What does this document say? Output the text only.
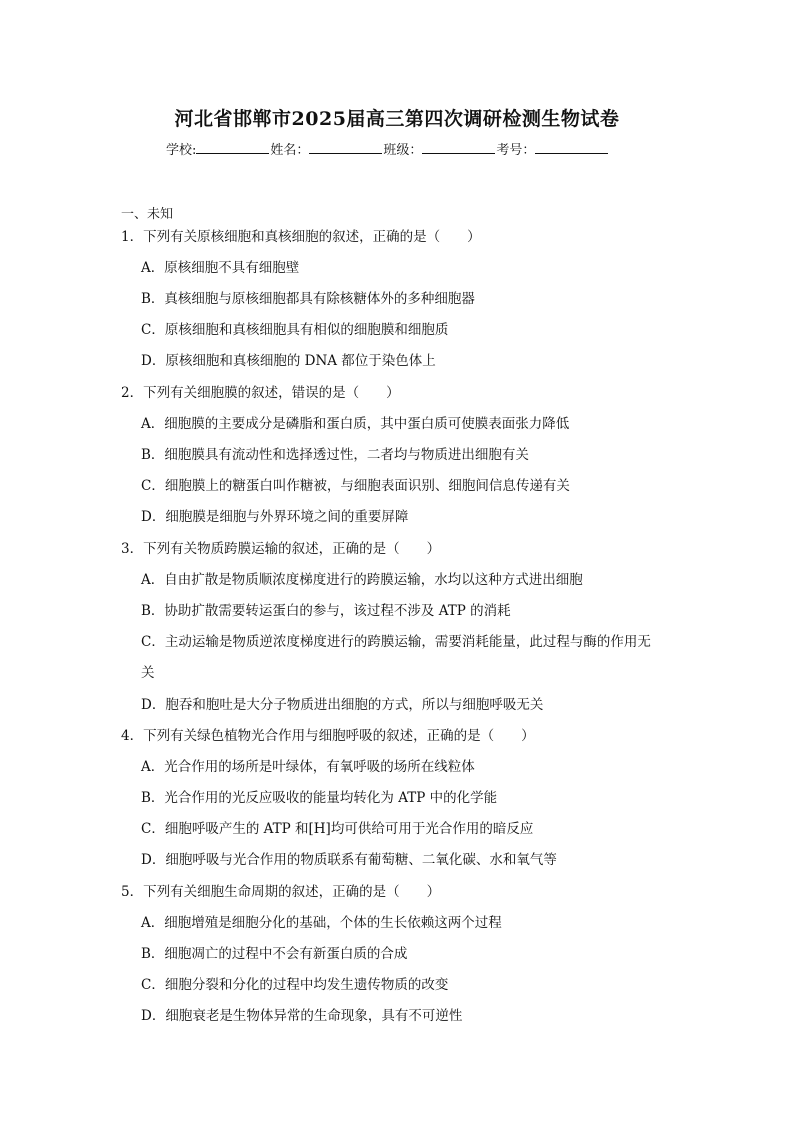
河北省邯郸市2025届高三第四次调研检测生物试卷
学校:	姓名：	班级：	考号：
一、未知
1．下列有关原核细胞和真核细胞的叙述，正确的是（　　）
A．原核细胞不具有细胞壁
B．真核细胞与原核细胞都具有除核糖体外的多种细胞器
C．原核细胞和真核细胞具有相似的细胞膜和细胞质
D．原核细胞和真核细胞的 DNA 都位于染色体上
2．下列有关细胞膜的叙述，错误的是（　　）
A．细胞膜的主要成分是磷脂和蛋白质，其中蛋白质可使膜表面张力降低
B．细胞膜具有流动性和选择透过性，二者均与物质进出细胞有关
C．细胞膜上的糖蛋白叫作糖被，与细胞表面识别、细胞间信息传递有关
D．细胞膜是细胞与外界环境之间的重要屏障
3．下列有关物质跨膜运输的叙述，正确的是（　　）
A．自由扩散是物质顺浓度梯度进行的跨膜运输，水均以这种方式进出细胞
B．协助扩散需要转运蛋白的参与，该过程不涉及 ATP 的消耗
C．主动运输是物质逆浓度梯度进行的跨膜运输，需要消耗能量，此过程与酶的作用无
关
D．胞吞和胞吐是大分子物质进出细胞的方式，所以与细胞呼吸无关
4．下列有关绿色植物光合作用与细胞呼吸的叙述，正确的是（　　）
A．光合作用的场所是叶绿体，有氧呼吸的场所在线粒体
B．光合作用的光反应吸收的能量均转化为 ATP 中的化学能
C．细胞呼吸产生的 ATP 和[H]均可供给可用于光合作用的暗反应
D．细胞呼吸与光合作用的物质联系有葡萄糖、二氧化碳、水和氧气等
5．下列有关细胞生命周期的叙述，正确的是（　　）
A．细胞增殖是细胞分化的基础，个体的生长依赖这两个过程
B．细胞凋亡的过程中不会有新蛋白质的合成
C．细胞分裂和分化的过程中均发生遗传物质的改变
D．细胞衰老是生物体异常的生命现象，具有不可逆性
